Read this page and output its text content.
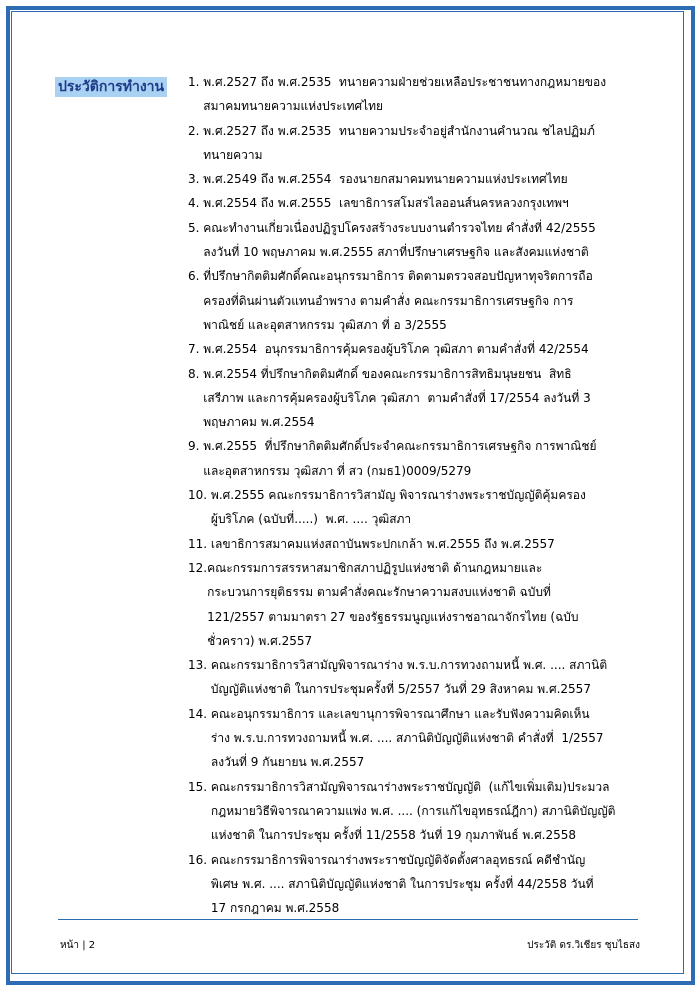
ประวัติการทำงาน 1. พ.ศ.2527 ถึง พ.ศ.2535  ทนายความฝ่ายช่วยเหลือประชาชนทางกฎหมายของ
สมาคมทนายความแห่งประเทศไทย
2. พ.ศ.2527 ถึง พ.ศ.2535  ทนายความประจำอยู่สำนักงานคำนวณ ชไลปฏิมภ์
ทนายความ
3. พ.ศ.2549 ถึง พ.ศ.2554  รองนายกสมาคมทนายความแห่งประเทศไทย
4. พ.ศ.2554 ถึง พ.ศ.2555  เลขาธิการสโมสรไลออนส์นครหลวงกรุงเทพฯ
5. คณะทำงานเกี่ยวเนื่องปฏิรูปโครงสร้างระบบงานตำรวจไทย คำสั่งที่ 42/2555
ลงวันที่ 10 พฤษภาคม พ.ศ.2555 สภาที่ปรึกษาเศรษฐกิจ และสังคมแห่งชาติ
6. ที่ปรึกษากิตติมศักดิ์คณะอนุกรรมาธิการ ติดตามตรวจสอบปัญหาทุจริตการถือ
ครองที่ดินผ่านตัวแทนอำพราง ตามคำสั่ง คณะกรรมาธิการเศรษฐกิจ การ
พาณิชย์ และอุตสาหกรรม วุฒิสภา ที่ อ 3/2555
7. พ.ศ.2554  อนุกรรมาธิการคุ้มครองผู้บริโภค วุฒิสภา ตามคำสั่งที่ 42/2554
8. พ.ศ.2554 ที่ปรึกษากิตติมศักดิ์ ของคณะกรรมาธิการสิทธิมนุษยชน  สิทธิ
เสรีภาพ และการคุ้มครองผู้บริโภค วุฒิสภา  ตามคำสั่งที่ 17/2554 ลงวันที่ 3
พฤษภาคม พ.ศ.2554
9. พ.ศ.2555  ที่ปรึกษากิตติมศักดิ์ประจำคณะกรรมาธิการเศรษฐกิจ การพาณิชย์
และอุตสาหกรรม วุฒิสภา ที่ สว (กมธ1)0009/5279
10. พ.ศ.2555 คณะกรรมาธิการวิสามัญ พิจารณาร่างพระราชบัญญัติคุ้มครอง
ผู้บริโภค (ฉบับที่.....)  พ.ศ. .... วุฒิสภา
11. เลขาธิการสมาคมแห่งสถาบันพระปกเกล้า พ.ศ.2555 ถึง พ.ศ.2557
12. คณะกรรมการสรรหาสมาชิกสภาปฏิรูปแห่งชาติ ด้านกฎหมายและ
กระบวนการยุติธรรม ตามคำสั่งคณะรักษาความสงบแห่งชาติ ฉบับที่
121/2557 ตามมาตรา 27 ของรัฐธรรมนูญแห่งราชอาณาจักรไทย (ฉบับ
ชั่วคราว) พ.ศ.2557
13. คณะกรรมาธิการวิสามัญพิจารณาร่าง พ.ร.บ.การทวงถามหนี้ พ.ศ. .... สภานิติ
บัญญัติแห่งชาติ ในการประชุมครั้งที่ 5/2557 วันที่ 29 สิงหาคม พ.ศ.2557
14. คณะอนุกรรมาธิการ และเลขานุการพิจารณาศึกษา และรับฟังความคิดเห็น
ร่าง พ.ร.บ.การทวงถามหนี้ พ.ศ. .... สภานิติบัญญัติแห่งชาติ คำสั่งที่  1/2557
ลงวันที่ 9 กันยายน พ.ศ.2557
15. คณะกรรมาธิการวิสามัญพิจารณาร่างพระราชบัญญัติ  (แก้ไขเพิ่มเติม)ประมวล
กฎหมายวิธีพิจารณาความแพ่ง พ.ศ. .... (การแก้ไขอุทธรณ์ฎีกา) สภานิติบัญญัติ
แห่งชาติ ในการประชุม ครั้งที่ 11/2558 วันที่ 19 กุมภาพันธ์ พ.ศ.2558
16. คณะกรรมาธิการพิจารณาร่างพระราชบัญญัติจัดตั้งศาลอุทธรณ์ คดีชำนัญ
พิเศษ พ.ศ. .... สภานิติบัญญัติแห่งชาติ ในการประชุม ครั้งที่ 44/2558 วันที่
17 กรกฎาคม พ.ศ.2558
หน้า | 2	ประวัติ ดร.วิเชียร ชุบไธสง
